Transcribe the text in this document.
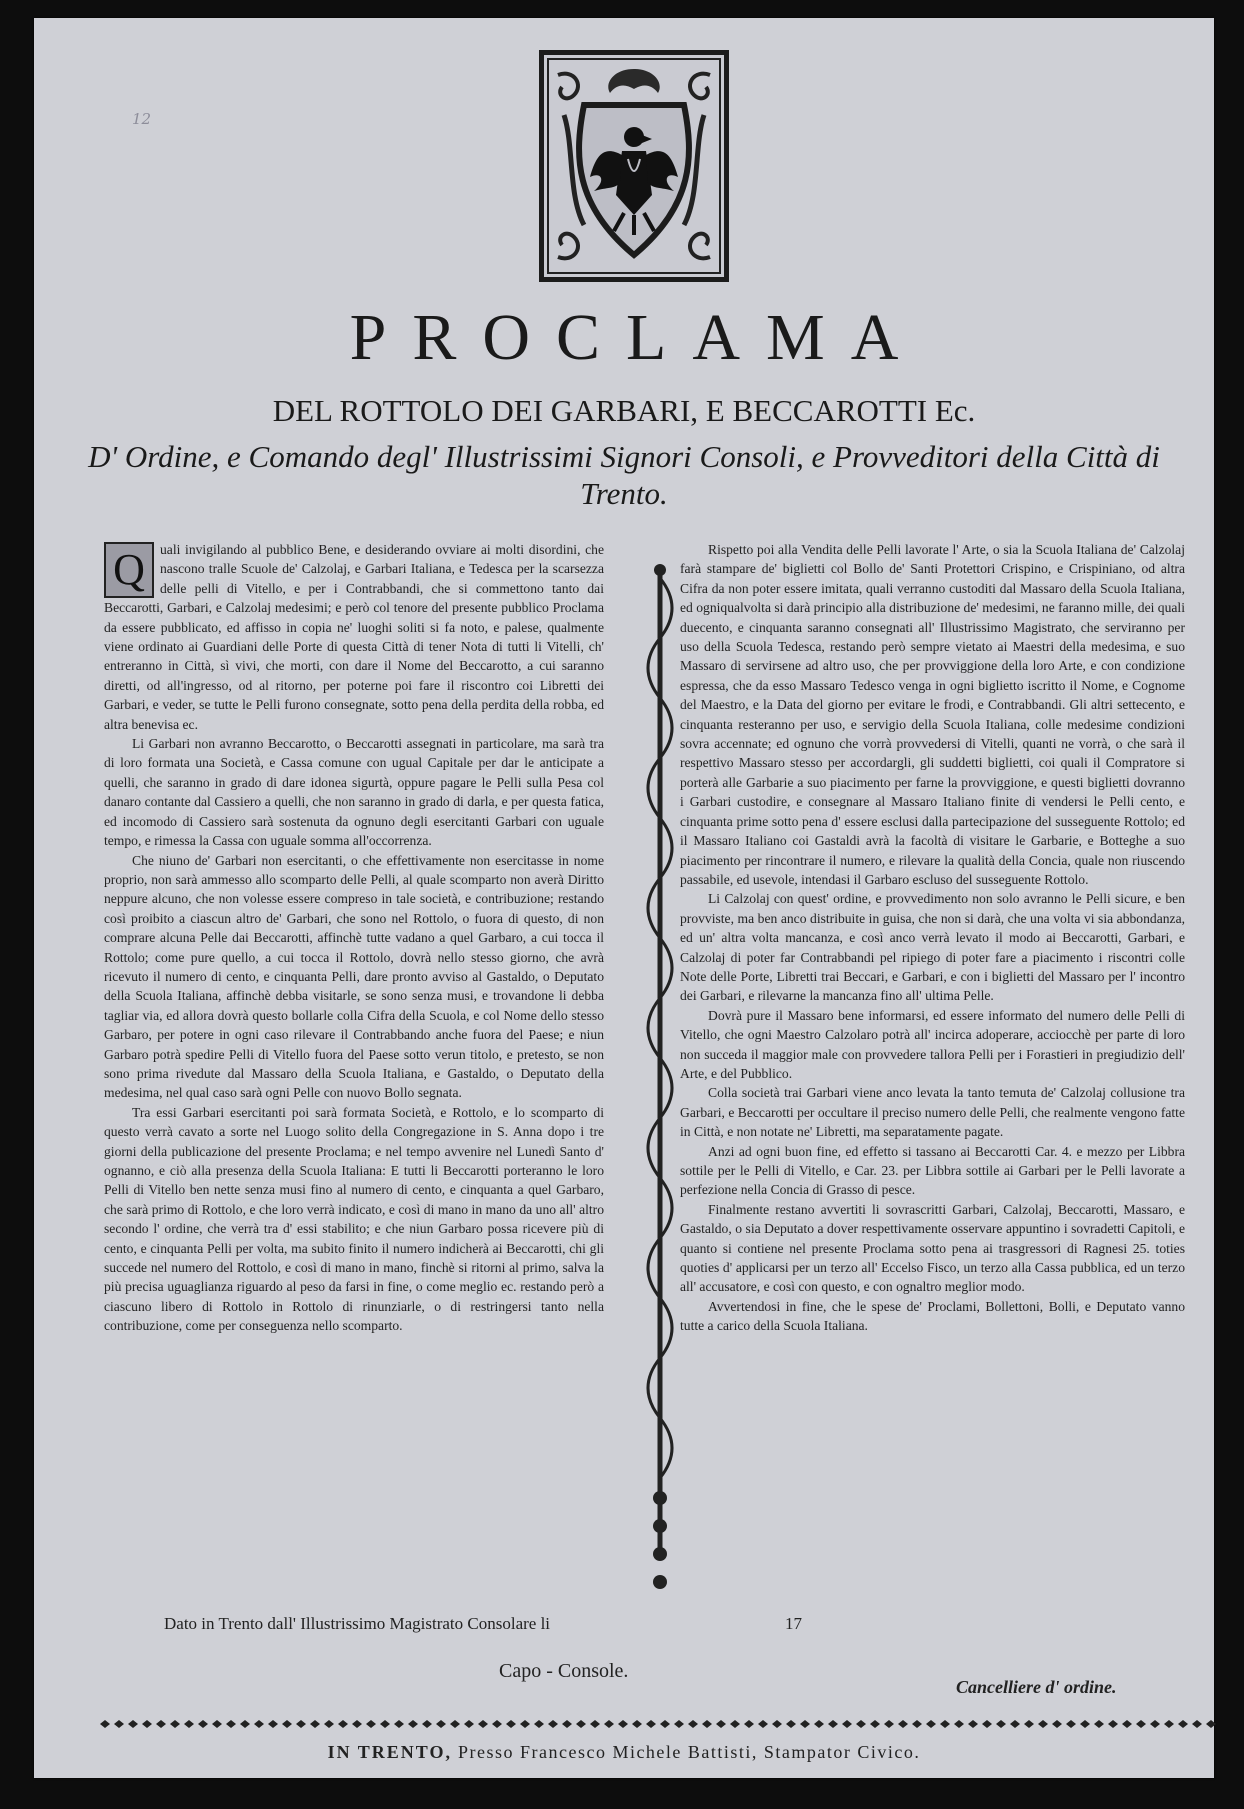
12
PROCLAMA
DEL ROTTOLO DEI GARBARI, E BECCAROTTI Ec.
D' Ordine, e Comando degl' Illustrissimi Signori Consoli, e Provveditori della Città di Trento.
Q	uali invigilando al pubblico Bene, e desiderando ovviare ai molti disordini, che nascono tralle Scuole de' Calzolaj, e Garbari Italiana, e Tedesca per la scarsezza delle pelli di Vitello, e per i Contrabbandi, che si commettono tanto dai Beccarotti, Garbari, e Calzolaj medesimi; e però col tenore del presente pubblico Proclama da essere pubblicato, ed affisso in copia ne' luoghi soliti si fa noto, e palese, qualmente viene ordinato ai Guardiani delle Porte di questa Città di tener Nota di tutti li Vitelli, ch' entreranno in Città, sì vivi, che morti, con dare il Nome del Beccarotto, a cui saranno diretti, od all'ingresso, od al ritorno, per poterne poi fare il riscontro coi Libretti dei Garbari, e veder, se tutte le Pelli furono consegnate, sotto pena della perdita della robba, ed altra benevisa ec.

Li Garbari non avranno Beccarotto, o Beccarotti assegnati in particolare, ma sarà tra di loro formata una Società, e Cassa comune con ugual Capitale per dar le anticipate a quelli, che saranno in grado di dare idonea sigurtà, oppure pagare le Pelli sulla Pesa col danaro contante dal Cassiero a quelli, che non saranno in grado di darla, e per questa fatica, ed incomodo di Cassiero sarà sostenuta da ognuno degli esercitanti Garbari con uguale tempo, e rimessa la Cassa con uguale somma all'occorrenza.

Che niuno de' Garbari non esercitanti, o che effettivamente non esercitasse in nome proprio, non sarà ammesso allo scomparto delle Pelli, al quale scomparto non averà Diritto neppure alcuno, che non volesse essere compreso in tale società, e contribuzione; restando così proibito a ciascun altro de' Garbari, che sono nel Rottolo, o fuora di questo, di non comprare alcuna Pelle dai Beccarotti, affinchè tutte vadano a quel Garbaro, a cui tocca il Rottolo; come pure quello, a cui tocca il Rottolo, dovrà nello stesso giorno, che avrà ricevuto il numero di cento, e cinquanta Pelli, dare pronto avviso al Gastaldo, o Deputato della Scuola Italiana, affinchè debba visitarle, se sono senza musi, e trovandone li debba tagliar via, ed allora dovrà questo bollarle colla Cifra della Scuola, e col Nome dello stesso Garbaro, per potere in ogni caso rilevare il Contrabbando anche fuora del Paese; e niun Garbaro potrà spedire Pelli di Vitello fuora del Paese sotto verun titolo, e pretesto, se non sono prima rivedute dal Massaro della Scuola Italiana, e Gastaldo, o Deputato della medesima, nel qual caso sarà ogni Pelle con nuovo Bollo segnata.

Tra essi Garbari esercitanti poi sarà formata Società, e Rottolo, e lo scomparto di questo verrà cavato a sorte nel Luogo solito della Congregazione in S. Anna dopo i tre giorni della publicazione del presente Proclama; e nel tempo avvenire nel Lunedì Santo d' ognanno, e ciò alla presenza della Scuola Italiana: E tutti li Beccarotti porteranno le loro Pelli di Vitello ben nette senza musi fino al numero di cento, e cinquanta a quel Garbaro, che sarà primo di Rottolo, e che loro verrà indicato, e così di mano in mano da uno all' altro secondo l' ordine, che verrà tra d' essi stabilito; e che niun Garbaro possa ricevere più di cento, e cinquanta Pelli per volta, ma subito finito il numero indicherà ai Beccarotti, chi gli succede nel numero del Rottolo, e così di mano in mano, finchè si ritorni al primo, salva la più precisa uguaglianza riguardo al peso da farsi in fine, o come meglio ec. restando però a ciascuno libero di Rottolo in Rottolo di rinunziarle, o di restringersi tanto nella contribuzione, come per conseguenza nello scomparto.

Rispetto poi alla Vendita delle Pelli lavorate l' Arte, o sia la Scuola Italiana de' Calzolaj farà stampare de' biglietti col Bollo de' Santi Protettori Crispino, e Crispiniano, od altra Cifra da non poter essere imitata, quali verranno custoditi dal Massaro della Scuola Italiana, ed ogniqualvolta si darà principio alla distribuzione de' medesimi, ne faranno mille, dei quali duecento, e cinquanta saranno consegnati all' Illustrissimo Magistrato, che serviranno per uso della Scuola Tedesca, restando però sempre vietato ai Maestri della medesima, e suo Massaro di servirsene ad altro uso, che per provviggione della loro Arte, e con condizione espressa, che da esso Massaro Tedesco venga in ogni biglietto iscritto il Nome, e Cognome del Maestro, e la Data del giorno per evitare le frodi, e Contrabbandi. Gli altri settecento, e cinquanta resteranno per uso, e servigio della Scuola Italiana, colle medesime condizioni sovra accennate; ed ognuno che vorrà provvedersi di Vitelli, quanti ne vorrà, o che sarà il respettivo Massaro stesso per accordargli, gli suddetti biglietti, coi quali il Compratore si porterà alle Garbarie a suo piacimento per farne la provviggione, e questi biglietti dovranno i Garbari custodire, e consegnare al Massaro Italiano finite di vendersi le Pelli cento, e cinquanta prime sotto pena d' essere esclusi dalla partecipazione del susseguente Rottolo; ed il Massaro Italiano coi Gastaldi avrà la facoltà di visitare le Garbarie, e Botteghe a suo piacimento per rincontrare il numero, e rilevare la qualità della Concia, quale non riuscendo passabile, ed usevole, intendasi il Garbaro escluso del susseguente Rottolo.

Li Calzolaj con quest' ordine, e provvedimento non solo avranno le Pelli sicure, e ben provviste, ma ben anco distribuite in guisa, che non si darà, che una volta vi sia abbondanza, ed un' altra volta mancanza, e così anco verrà levato il modo ai Beccarotti, Garbari, e Calzolaj di poter far Contrabbandi pel ripiego di poter fare a piacimento i riscontri colle Note delle Porte, Libretti trai Beccari, e Garbari, e con i biglietti del Massaro per l' incontro dei Garbari, e rilevarne la mancanza fino all' ultima Pelle.

Dovrà pure il Massaro bene informarsi, ed essere informato del numero delle Pelli di Vitello, che ogni Maestro Calzolaro potrà all' incirca adoperare, acciocchè per parte di loro non succeda il maggior male con provvedere tallora Pelli per i Forastieri in pregiudizio dell' Arte, e del Pubblico.

Colla società trai Garbari viene anco levata la tanto temuta de' Calzolaj collusione tra Garbari, e Beccarotti per occultare il preciso numero delle Pelli, che realmente vengono fatte in Città, e non notate ne' Libretti, ma separatamente pagate.

Anzi ad ogni buon fine, ed effetto si tassano ai Beccarotti Car. 4. e mezzo per Libbra sottile per le Pelli di Vitello, e Car. 23. per Libbra sottile ai Garbari per le Pelli lavorate a perfezione nella Concia di Grasso di pesce.

Finalmente restano avvertiti li sovrascritti Garbari, Calzolaj, Beccarotti, Massaro, e Gastaldo, o sia Deputato a dover respettivamente osservare appuntino i sovradetti Capitoli, e quanto si contiene nel presente Proclama sotto pena ai trasgressori di Ragnesi 25. toties quoties d' applicarsi per un terzo all' Eccelso Fisco, un terzo alla Cassa pubblica, ed un terzo all' accusatore, e così con questo, e con ognaltro meglior modo.

Avvertendosi in fine, che le spese de' Proclami, Bollettoni, Bolli, e Deputato vanno tutte a carico della Scuola Italiana.

Dato in Trento dall' Illustrissimo Magistrato Consolare li	17
Capo - Console.
Cancelliere d' ordine.
IN TRENTO, Presso Francesco Michele Battisti, Stampator Civico.
